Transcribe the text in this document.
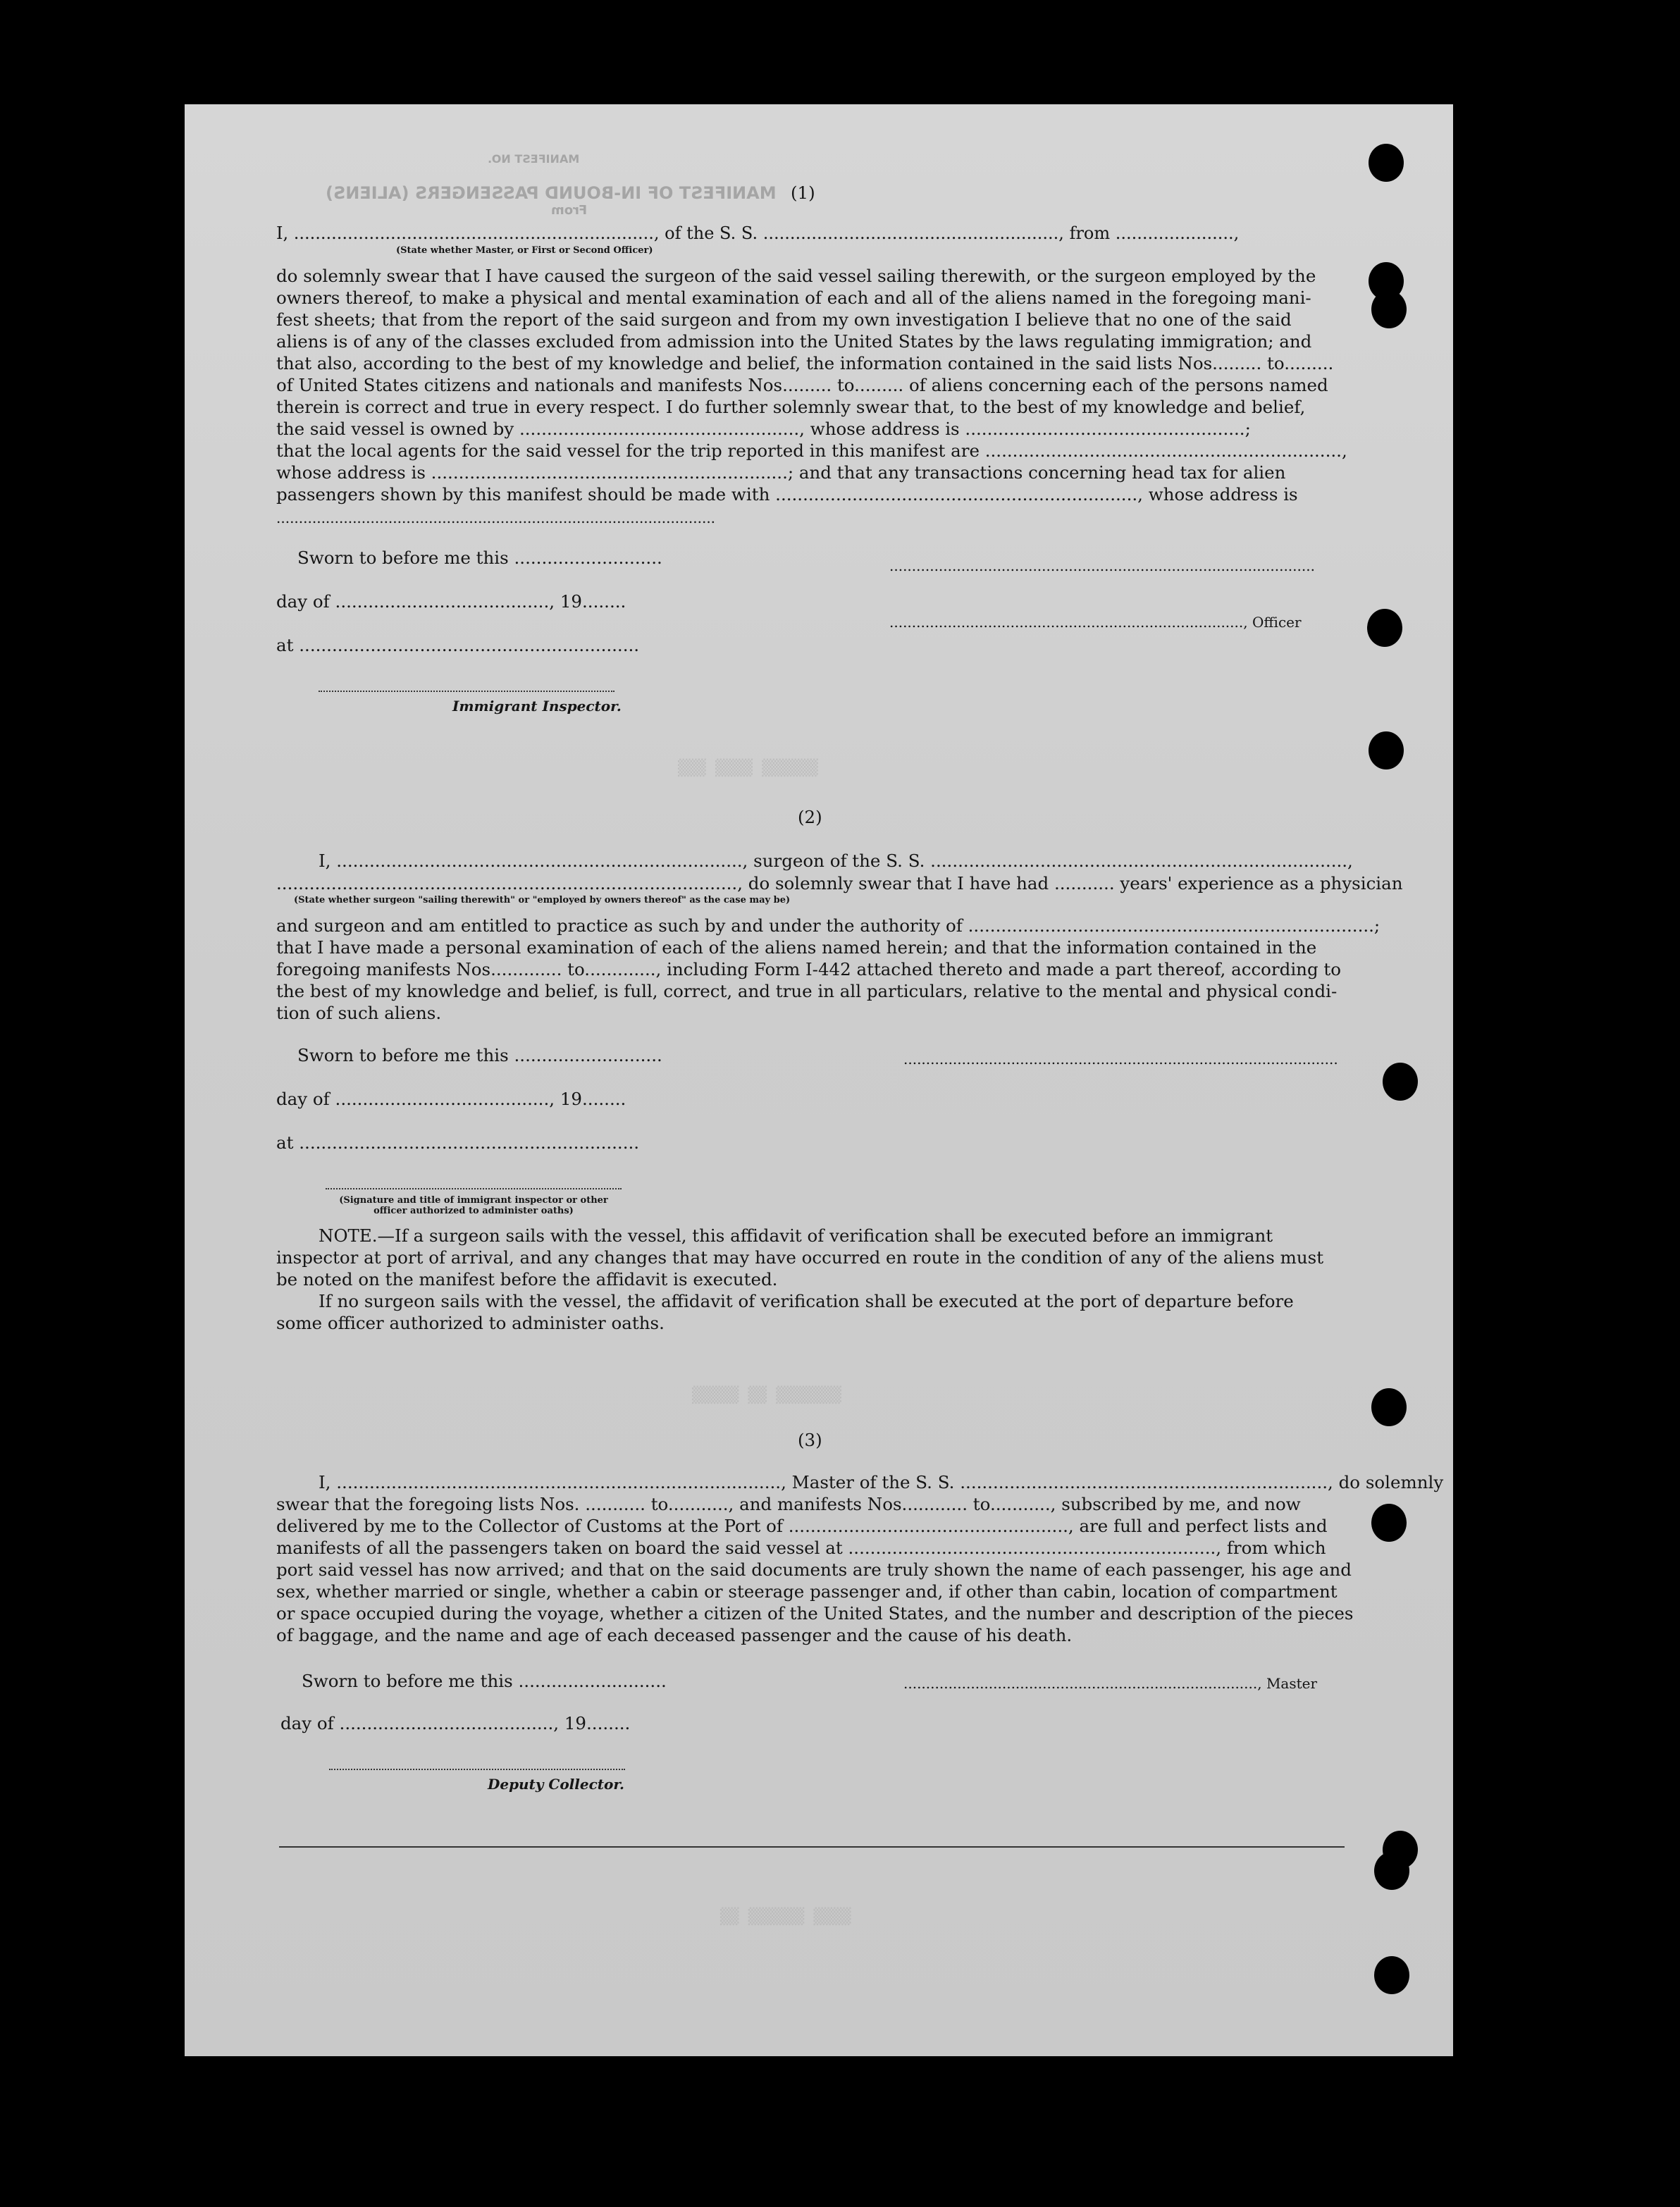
MANIFEST OF IN-BOUND PASSENGERS (ALIENS)
MANIFEST NO.
From
(1)
I, ..................................................................., of the S. S. ......................................................., from ......................,
(State whether Master, or First or Second Officer)
do solemnly swear that I have caused the surgeon of the said vessel sailing therewith, or the surgeon employed by the
owners thereof, to make a physical and mental examination of each and all of the aliens named in the foregoing mani-
fest sheets; that from the report of the said surgeon and from my own investigation I believe that no one of the said
aliens is of any of the classes excluded from admission into the United States by the laws regulating immigration; and
that also, according to the best of my knowledge and belief, the information contained in the said lists Nos......... to.........
of United States citizens and nationals and manifests Nos......... to......... of aliens concerning each of the persons named
therein is correct and true in every respect. I do further solemnly swear that, to the best of my knowledge and belief,
the said vessel is owned by ..................................................., whose address is ...................................................;
that the local agents for the said vessel for the trip reported in this manifest are .................................................................,
whose address is .................................................................; and that any transactions concerning head tax for alien
passengers shown by this manifest should be made with .................................................................., whose address is
..................................................................................................
Sworn to before me this ...........................
day of ......................................., 19........
at ..............................................................
Immigrant Inspector.
...............................................................................................
..............................................................................., Officer
(2)
I, .........................................................................., surgeon of the S. S. ............................................................................,
...................................................................................., do solemnly swear that I have had ........... years' experience as a physician
(State whether surgeon "sailing therewith" or "employed by owners thereof" as the case may be)
and surgeon and am entitled to practice as such by and under the authority of ..........................................................................;
that I have made a personal examination of each of the aliens named herein; and that the information contained in the
foregoing manifests Nos............. to............., including Form I-442 attached thereto and made a part thereof, according to
the best of my knowledge and belief, is full, correct, and true in all particulars, relative to the mental and physical condi-
tion of such aliens.
Sworn to before me this ...........................
day of ......................................., 19........
at ..............................................................
.................................................................................................
(Signature and title of immigrant inspector or other officer authorized to administer oaths)
NOTE.—If a surgeon sails with the vessel, this affidavit of verification shall be executed before an immigrant
inspector at port of arrival, and any changes that may have occurred en route in the condition of any of the aliens must
be noted on the manifest before the affidavit is executed.
If no surgeon sails with the vessel, the affidavit of verification shall be executed at the port of departure before
some officer authorized to administer oaths.
(3)
I, ................................................................................., Master of the S. S. ..................................................................., do solemnly
swear that the foregoing lists Nos. ........... to..........., and manifests Nos............ to..........., subscribed by me, and now
delivered by me to the Collector of Customs at the Port of ..................................................., are full and perfect lists and
manifests of all the passengers taken on board the said vessel at ..................................................................., from which
port said vessel has now arrived; and that on the said documents are truly shown the name of each passenger, his age and
sex, whether married or single, whether a cabin or steerage passenger and, if other than cabin, location of compartment
or space occupied during the voyage, whether a citizen of the United States, and the number and description of the pieces
of baggage, and the name and age of each deceased passenger and the cause of his death.
Sworn to before me this ...........................	..............................................................................., Master
day of ......................................., 19........
Deputy Collector.
▒▒▒▒▒▒ ▒▒▒▒ ▒▒▒
▒▒▒▒▒▒▒ ▒▒ ▒▒▒▒▒
▒▒▒▒ ▒▒▒▒▒▒ ▒▒
